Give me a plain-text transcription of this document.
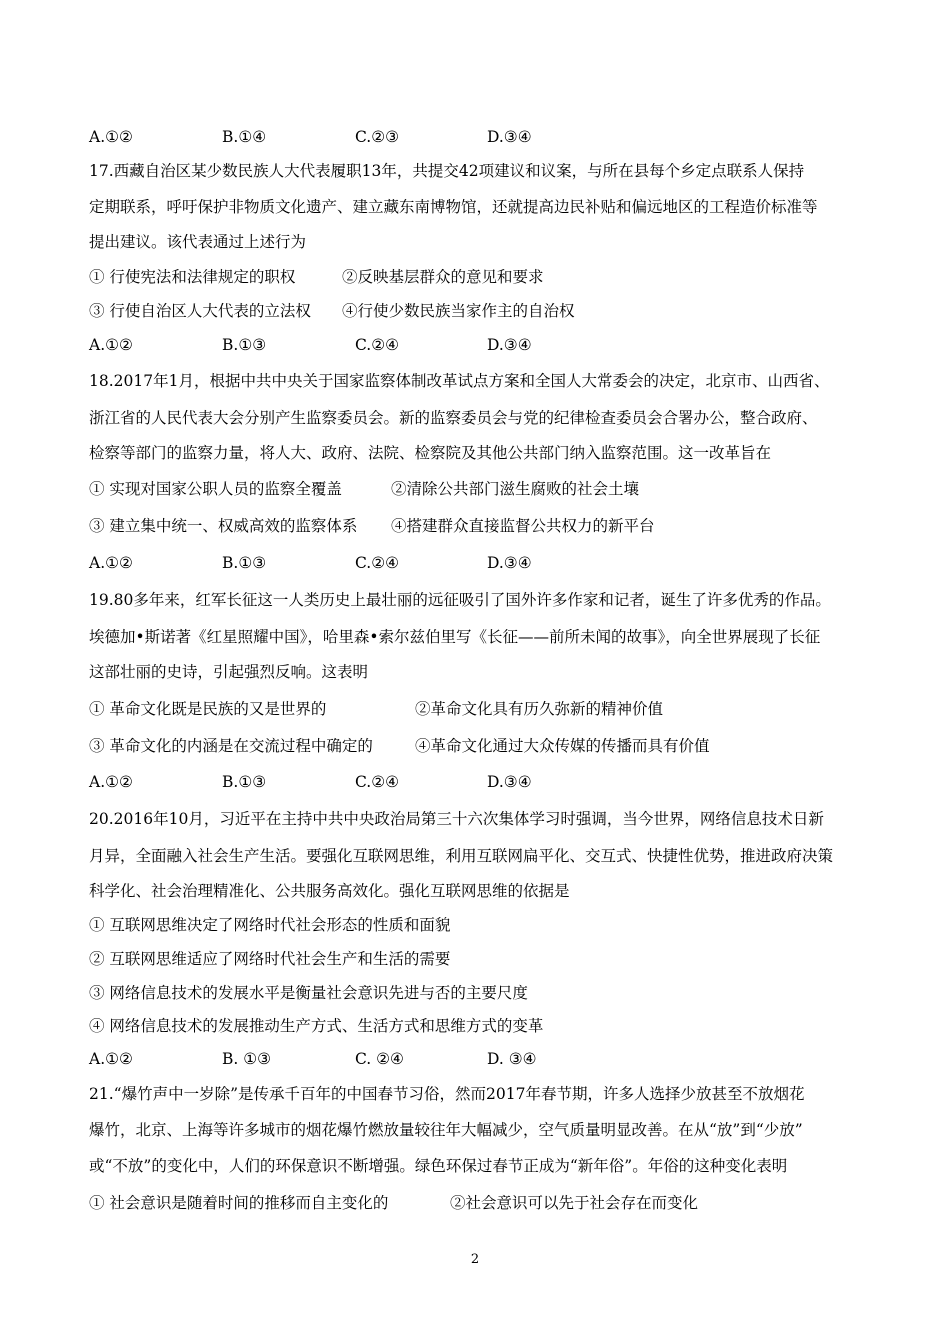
A.①②	B.①④	C.②③	D.③④
17.西藏自治区某少数民族人大代表履职13年，共提交42项建议和议案，与所在县每个乡定点联系人保持
定期联系，呼吁保护非物质文化遗产、建立藏东南博物馆，还就提高边民补贴和偏远地区的工程造价标准等
提出建议。该代表通过上述行为
① 行使宪法和法律规定的职权	②反映基层群众的意见和要求
③ 行使自治区人大代表的立法权 ④行使少数民族当家作主的自治权
A.①②	B.①③	C.②④	D.③④
18.2017年1月，根据中共中央关于国家监察体制改革试点方案和全国人大常委会的决定，北京市、山西省、
浙江省的人民代表大会分别产生监察委员会。新的监察委员会与党的纪律检查委员会合署办公，整合政府、
检察等部门的监察力量，将人大、政府、法院、检察院及其他公共部门纳入监察范围。这一改革旨在
① 实现对国家公职人员的监察全覆盖	②清除公共部门滋生腐败的社会土壤
③ 建立集中统一、权威高效的监察体系 ④搭建群众直接监督公共权力的新平台
A.①②	B.①③	C.②④	D.③④
19.80多年来，红军长征这一人类历史上最壮丽的远征吸引了国外许多作家和记者，诞生了许多优秀的作品。
埃德加•斯诺著《红星照耀中国》，哈里森•索尔兹伯里写《长征——前所未闻的故事》，向全世界展现了长征
这部壮丽的史诗，引起强烈反响。这表明
① 革命文化既是民族的又是世界的	②革命文化具有历久弥新的精神价值
③ 革命文化的内涵是在交流过程中确定的	④革命文化通过大众传媒的传播而具有价值
A.①②	B.①③	C.②④	D.③④
20.2016年10月，习近平在主持中共中央政治局第三十六次集体学习时强调，当今世界，网络信息技术日新
月异，全面融入社会生产生活。要强化互联网思维，利用互联网扁平化、交互式、快捷性优势，推进政府决策
科学化、社会治理精准化、公共服务高效化。强化互联网思维的依据是
① 互联网思维决定了网络时代社会形态的性质和面貌
② 互联网思维适应了网络时代社会生产和生活的需要
③ 网络信息技术的发展水平是衡量社会意识先进与否的主要尺度
④ 网络信息技术的发展推动生产方式、生活方式和思维方式的变革
A.①②	B. ①③	C. ②④	D. ③④
21.“爆竹声中一岁除”是传承千百年的中国春节习俗，然而2017年春节期，许多人选择少放甚至不放烟花
爆竹，北京、上海等许多城市的烟花爆竹燃放量较往年大幅减少，空气质量明显改善。在从“放”到“少放”
或“不放”的变化中，人们的环保意识不断增强。绿色环保过春节正成为“新年俗”。年俗的这种变化表明
① 社会意识是随着时间的推移而自主变化的	②社会意识可以先于社会存在而变化
2
